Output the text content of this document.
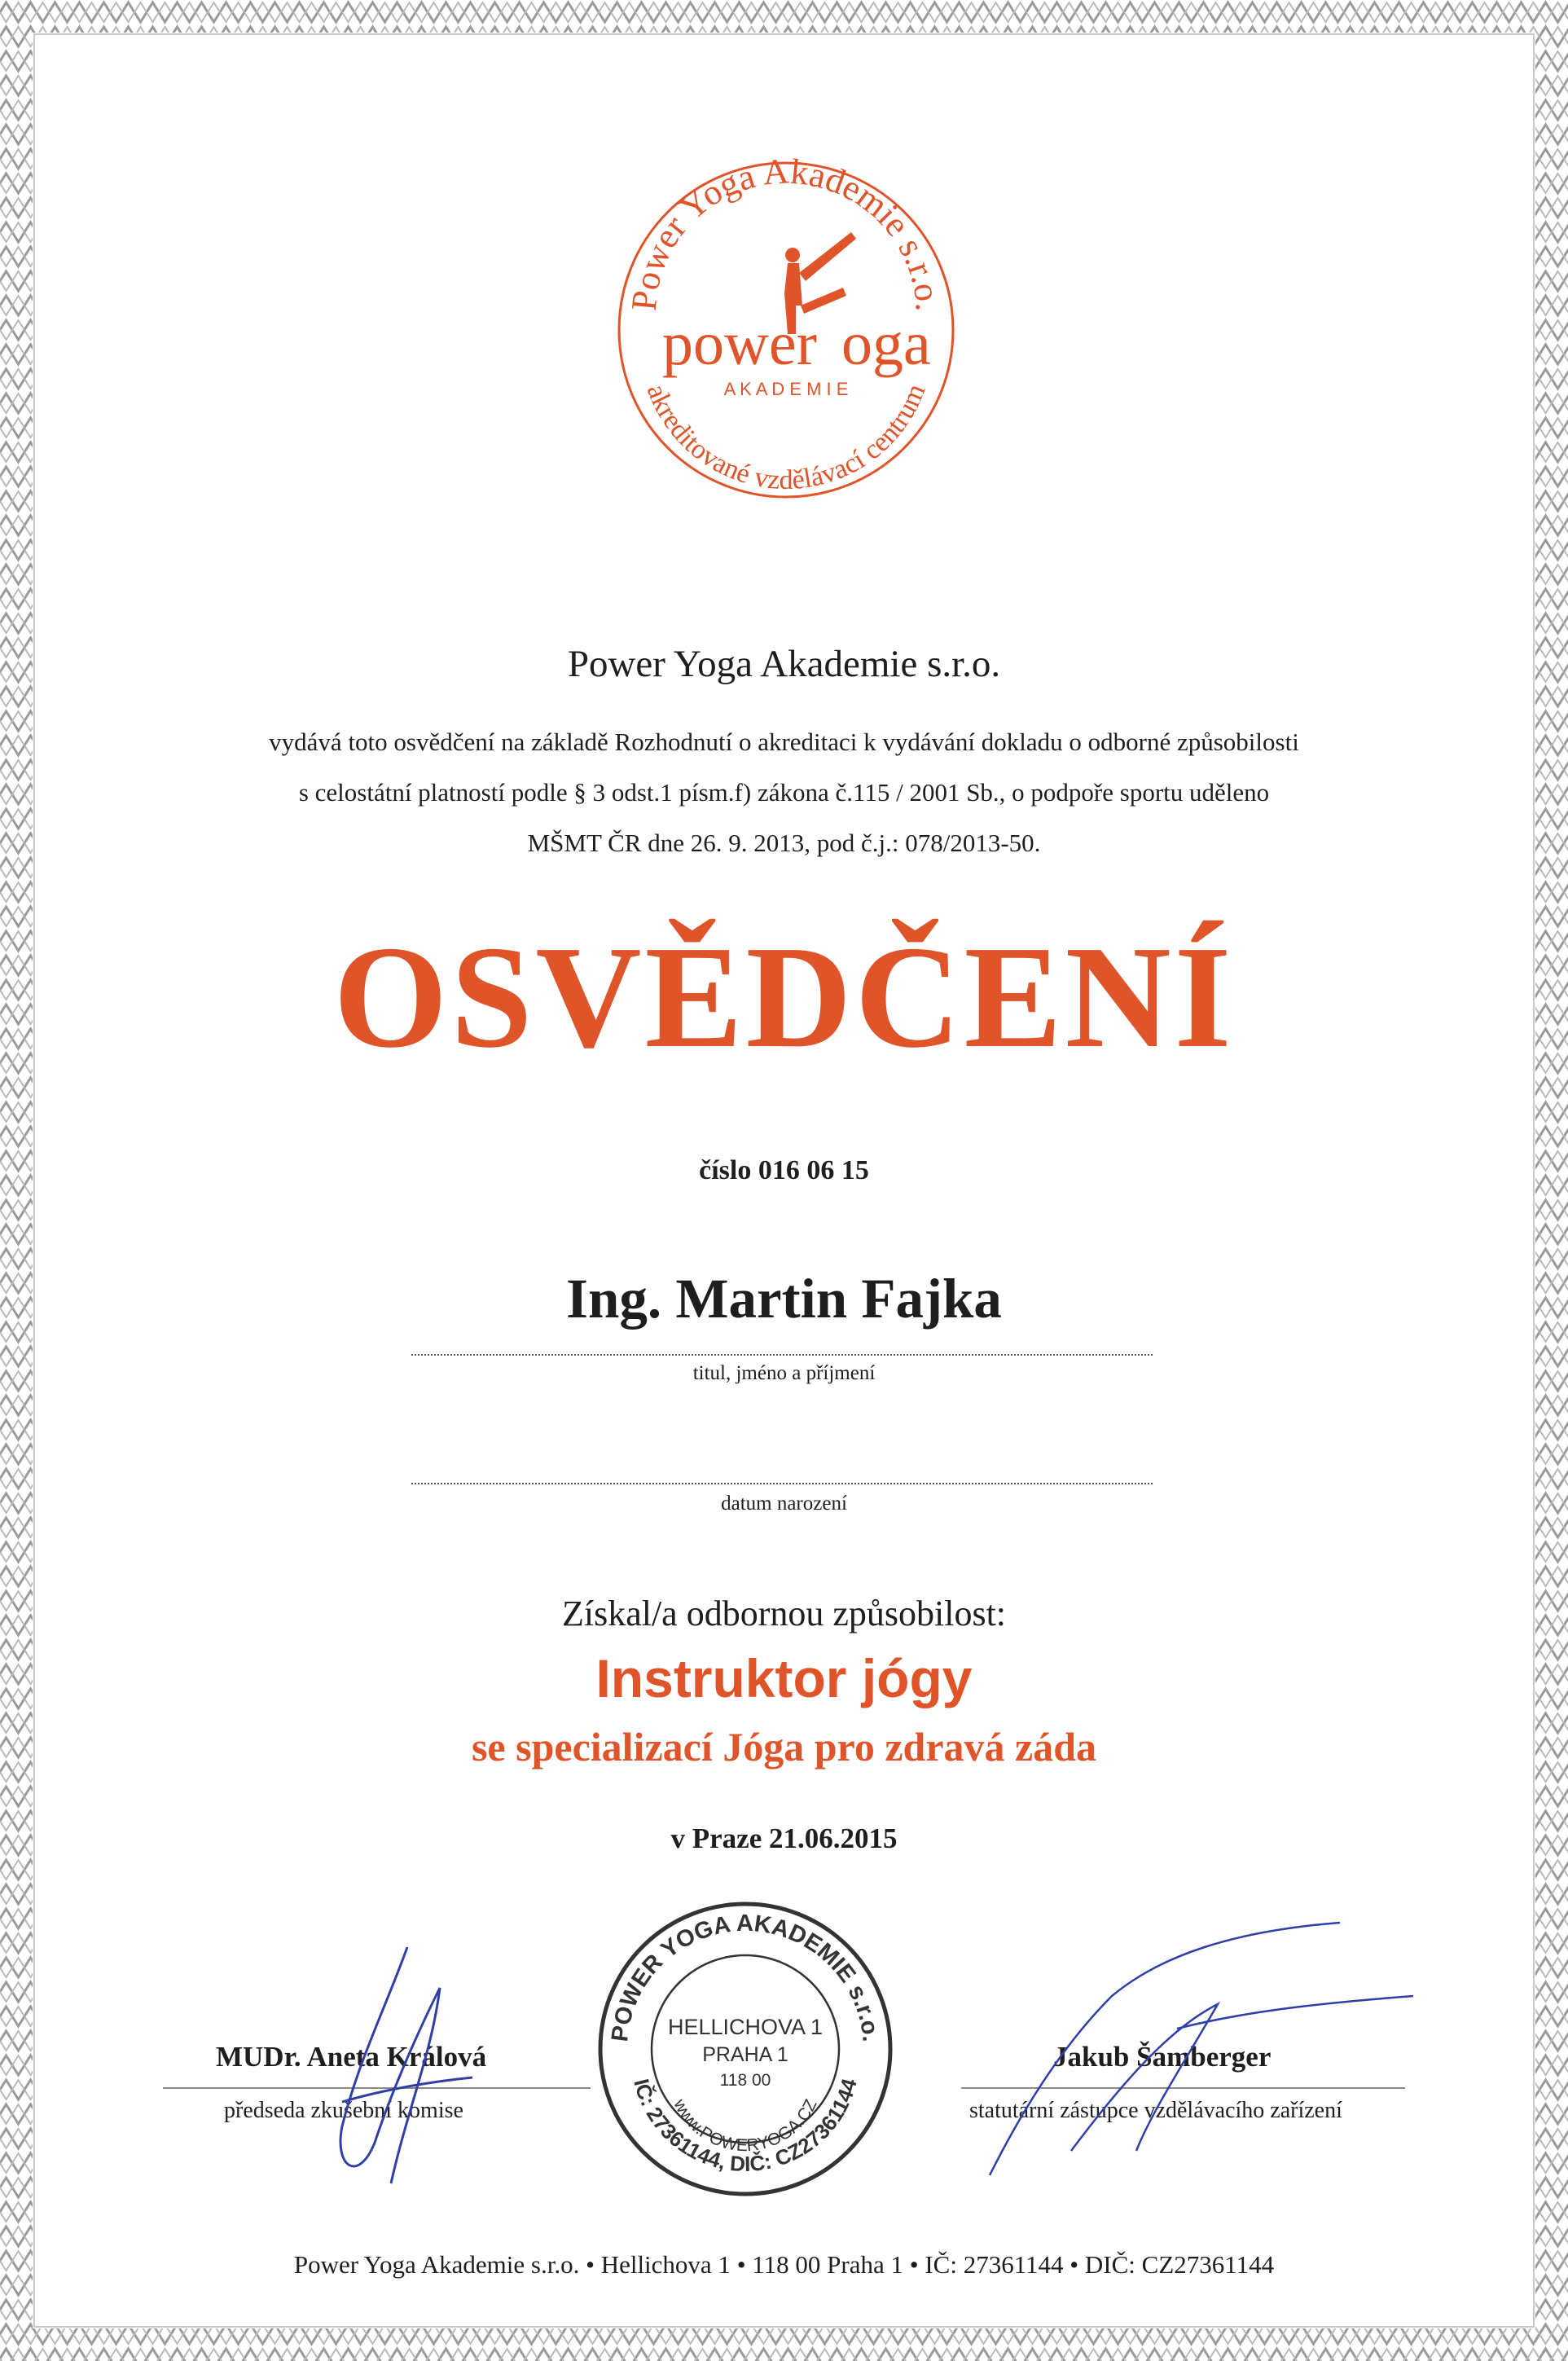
Power Yoga Akademie s.r.o.
akreditované vzdělávací centrum
power oga
A K A D E M I E
Power Yoga Akademie s.r.o.
vydává toto osvědčení na základě Rozhodnutí o akreditaci k vydávání dokladu o odborné způsobilosti
s celostátní platností podle § 3 odst.1 písm.f) zákona č.115 / 2001 Sb., o podpoře sportu uděleno
MŠMT ČR dne 26. 9. 2013, pod č.j.: 078/2013-50.
OSVĚDČENÍ
číslo 016 06 15
Ing. Martin Fajka
titul, jméno a příjmení
datum narození
Získal/a odbornou způsobilost:
Instruktor jógy
se specializací Jóga pro zdravá záda
v Praze 21.06.2015
MUDr. Aneta Králová
předseda zkušební komise
Jakub Šamberger
statutární zástupce vzdělávacího zařízení
POWER YOGA AKADEMIE s.r.o.
IČ: 27361144, DIČ: CZ27361144
www.POWERYOGA.CZ
HELLICHOVA 1
PRAHA 1
118 00
Power Yoga Akademie s.r.o. • Hellichova 1 • 118 00 Praha 1 • IČ: 27361144 • DIČ: CZ27361144
